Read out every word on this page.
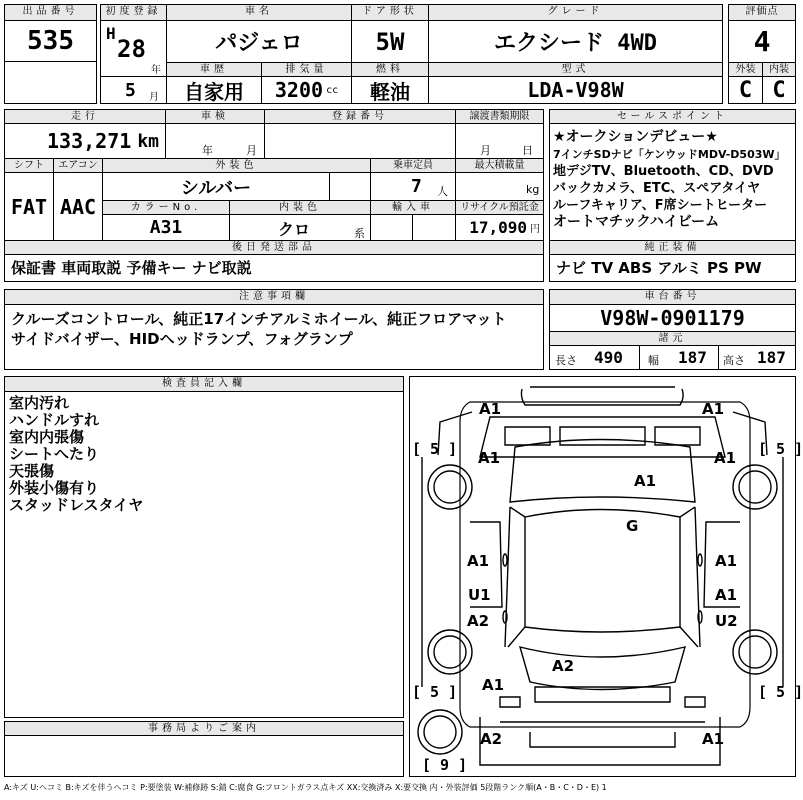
出品番号
535
初度登録
H
28
年
5 月
車名
パジェロ
車歴
自家用
排気量
3200 cc
ドア形状
5W
燃料
軽油
グレード
エクシード 4WD
型式
LDA-V98W
評価点
4
外装	内装
C C
走行
133,271 km
車検
年	月
登録番号	譲渡書類期限
月	日
シフト
FAT
エアコン
AAC
外装色
シルバー
カラーNo.
A31
内装色
クロ	系
乗車定員
7 人
最大積載量
kg
輸入車	リサイクル預託金
17,090 円
セールスポイント
★オークションデビュー★
7インチSDナビ「ケンウッドMDV-D503W」
地デジTV、Bluetooth、CD、DVD
バックカメラ、ETC、スペアタイヤ
ルーフキャリア、F席シートヒーター
オートマチックハイビーム
後日発送部品
保証書 車両取説 予備キー ナビ取説
純正装備
ナビ TV ABS アルミ PS PW
注意事項欄
クルーズコントロール、純正17インチアルミホイール、純正フロアマット
サイドバイザー、HIDヘッドランプ、フォグランプ
車台番号
V98W-0901179
諸元
長さ 490 幅 187 高さ 187
検査員記入欄
室内汚れ
ハンドルすれ
室内内張傷
シートへたり
天張傷
外装小傷有り
スタッドレスタイヤ
事務局よりご案内
A1	A1
A1	A1
G
A1
A1
U1
A1
A2	U2
A1
A2
A1
A2	A1
[ 5 ]	[ 5 ]
[ 5 ]	[ 5 ]
[ 9 ]
A:キズ U:ヘコミ B:キズを伴うヘコミ P:要塗装 W:補修跡 S:錆 C:腐食 G:フロントガラス点キズ XX:交換済み X:要交換 内・外装評価 5段階ランク順(A・B・C・D・E) 1
